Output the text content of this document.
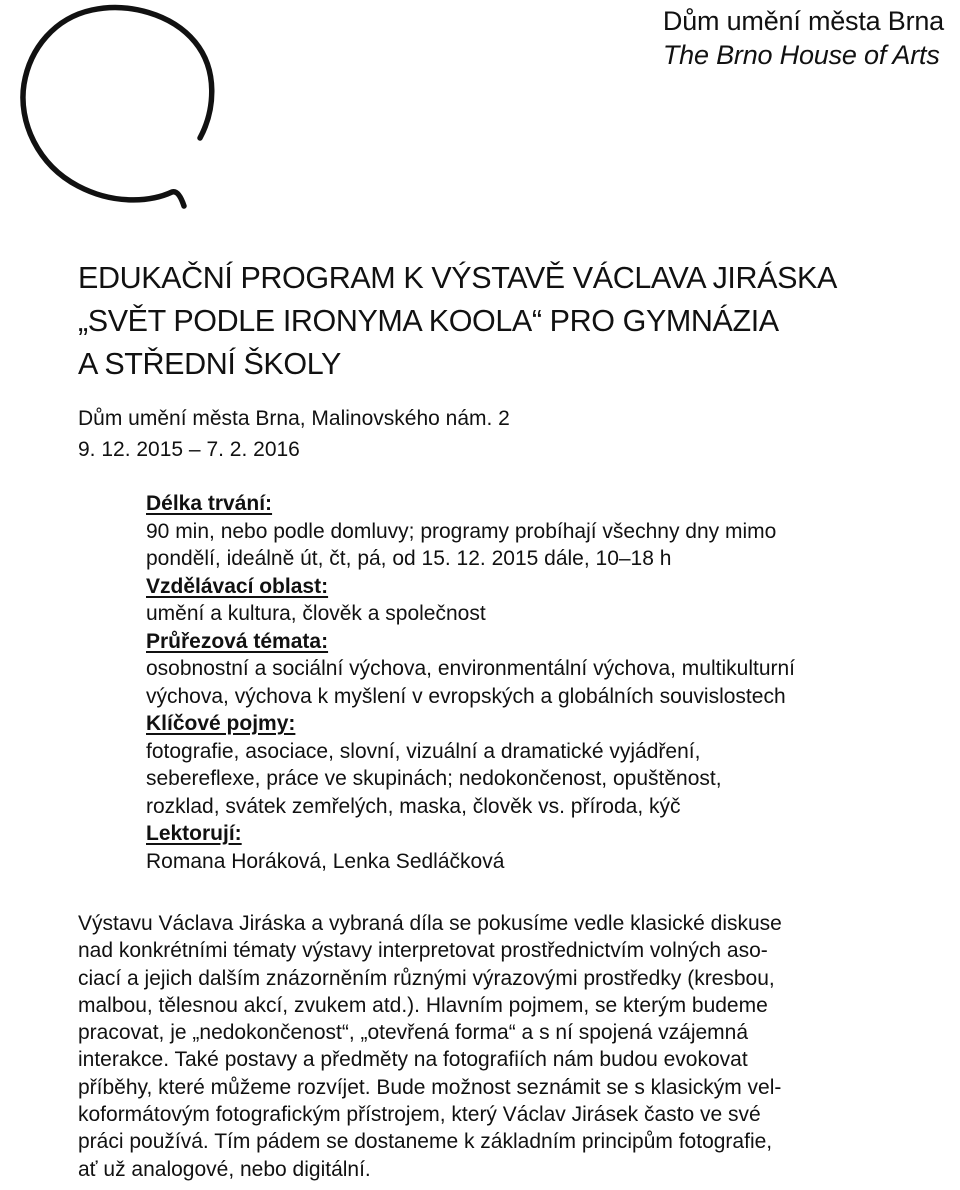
Dům umění města Brna
The Brno House of Arts
EDUKAČNÍ PROGRAM K VÝSTAVĚ VÁCLAVA JIRÁSKA
„SVĚT PODLE IRONYMA KOOLA“ PRO GYMNÁZIA
A STŘEDNÍ ŠKOLY
Dům umění města Brna, Malinovského nám. 2
9. 12. 2015 – 7. 2. 2016
Délka trvání:
90 min, nebo podle domluvy; programy probíhají všechny dny mimo
pondělí, ideálně út, čt, pá, od 15. 12. 2015 dále, 10–18 h
Vzdělávací oblast:
umění a kultura, člověk a společnost
Průřezová témata:
osobnostní a sociální výchova, environmentální výchova, multikulturní
výchova, výchova k myšlení v evropských a globálních souvislostech
Klíčové pojmy:
fotografie, asociace, slovní, vizuální a dramatické vyjádření,
sebereflexe, práce ve skupinách; nedokončenost, opuštěnost,
rozklad, svátek zemřelých, maska, člověk vs. příroda, kýč
Lektorují:
Romana Horáková, Lenka Sedláčková
Výstavu Václava Jiráska a vybraná díla se pokusíme vedle klasické diskuse
nad konkrétními tématy výstavy interpretovat prostřednictvím volných aso-
ciací a jejich dalším znázorněním různými výrazovými prostředky (kresbou,
malbou, tělesnou akcí, zvukem atd.). Hlavním pojmem, se kterým budeme
pracovat, je „nedokončenost“, „otevřená forma“ a s ní spojená vzájemná
interakce. Také postavy a předměty na fotografiích nám budou evokovat
příběhy, které můžeme rozvíjet. Bude možnost seznámit se s klasickým vel-
koformátovým fotografickým přístrojem, který Václav Jirásek často ve své
práci používá. Tím pádem se dostaneme k základním principům fotografie,
ať už analogové, nebo digitální.
